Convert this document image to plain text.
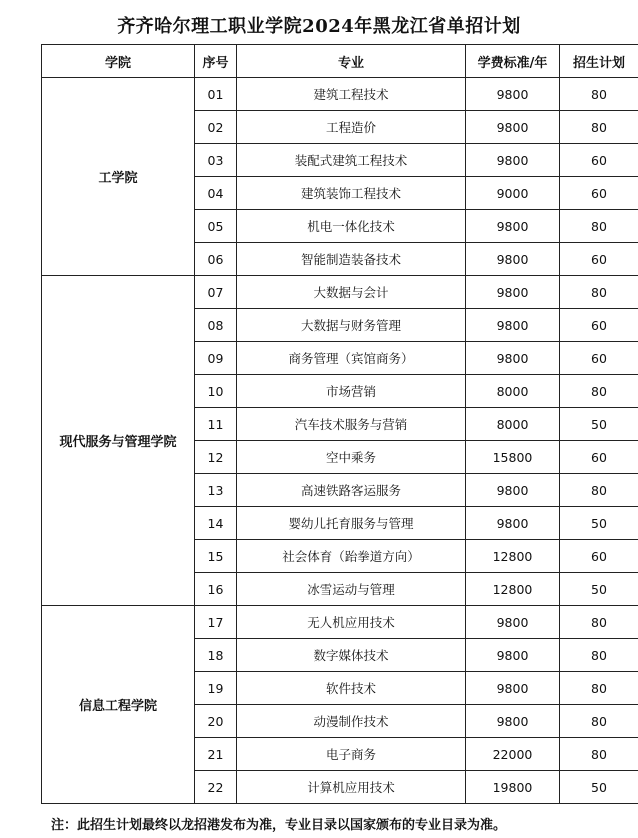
齐齐哈尔理工职业学院2024年黑龙江省单招计划
学院	序号	专业	学费标准/年	招生计划
工学院	01	建筑工程技术	9800	80
	02	工程造价	9800	80
	03	装配式建筑工程技术	9800	60
	04	建筑装饰工程技术	9000	60
	05	机电一体化技术	9800	80
	06	智能制造装备技术	9800	60
现代服务与管理学院	07	大数据与会计	9800	80
	08	大数据与财务管理	9800	60
	09	商务管理（宾馆商务）	9800	60
	10	市场营销	8000	80
	11	汽车技术服务与营销	8000	50
	12	空中乘务	15800	60
	13	高速铁路客运服务	9800	80
	14	婴幼儿托育服务与管理	9800	50
	15	社会体育（跆拳道方向）	12800	60
	16	冰雪运动与管理	12800	50
信息工程学院	17	无人机应用技术	9800	80
	18	数字媒体技术	9800	80
	19	软件技术	9800	80
	20	动漫制作技术	9800	80
	21	电子商务	22000	80
	22	计算机应用技术	19800	50
注：此招生计划最终以龙招港发布为准，专业目录以国家颁布的专业目录为准。
